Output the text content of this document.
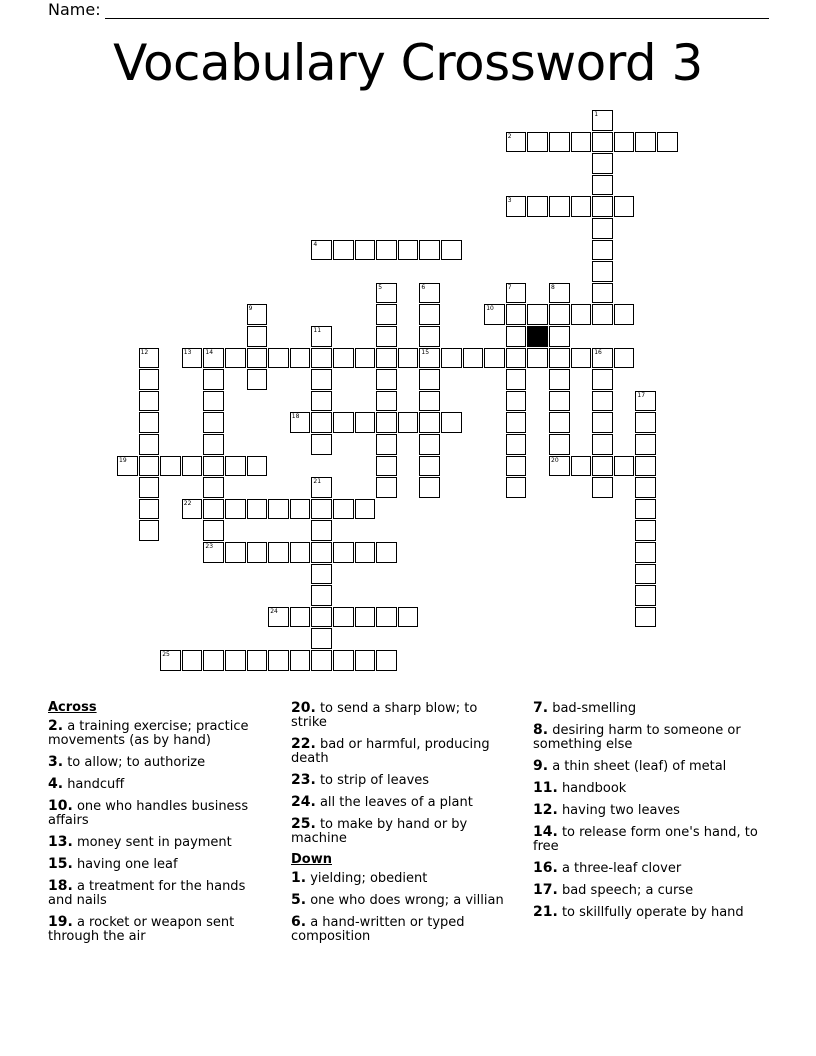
Name:
Vocabulary Crossword 3
2
3
4
10
13 14	15	16
18
19	20
22
23
24
25
1
5	6	7	8
9
11
12
17
21
Across
2. a training exercise; practice movements (as by hand)
3. to allow; to authorize
4. handcuff
10. one who handles business affairs
13. money sent in payment
15. having one leaf
18. a treatment for the hands and nails
19. a rocket or weapon sent through the air
20. to send a sharp blow; to strike
22. bad or harmful, producing death
23. to strip of leaves
24. all the leaves of a plant
25. to make by hand or by machine
Down
1. yielding; obedient
5. one who does wrong; a villian
6. a hand-written or typed composition
7. bad-smelling
8. desiring harm to someone or something else
9. a thin sheet (leaf) of metal
11. handbook
12. having two leaves
14. to release form one's hand, to free
16. a three-leaf clover
17. bad speech; a curse
21. to skillfully operate by hand
